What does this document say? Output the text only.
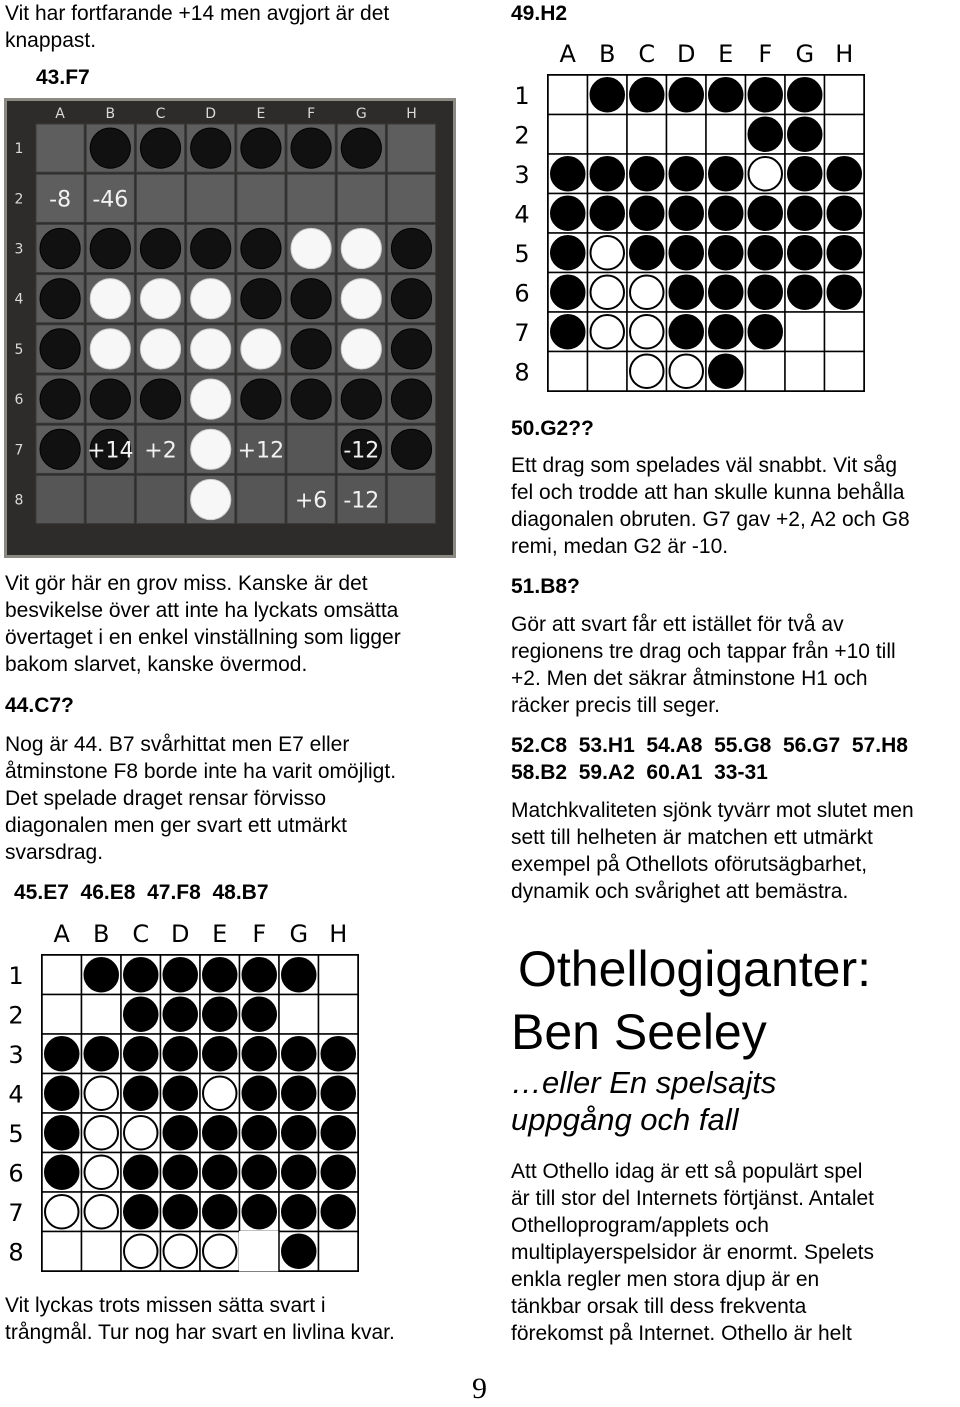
Vit har fortfarande +14 men avgjort är det
knappast.
43.F7
A	B	C	D	E	F	G	H
1
2
3
4
5
6
7
8
-8 -46
+14 +2	+12	-12
+6 -12
Vit gör här en grov miss. Kanske är det
besvikelse över att inte ha lyckats omsätta
övertaget i en enkel vinställning som ligger
bakom slarvet, kanske övermod.
44.C7?
Nog är 44. B7 svårhittat men E7 eller
åtminstone F8 borde inte ha varit omöjligt.
Det spelade draget rensar förvisso
diagonalen men ger svart ett utmärkt
svarsdrag.
45.E7  46.E8  47.F8  48.B7
A B C D E F G H
1
2
3
4
5
6
7
8
Vit lyckas trots missen sätta svart i
trångmål. Tur nog har svart en livlina kvar.
49.H2
A B C D E F G H
1
2
3
4
5
6
7
8
50.G2??
Ett drag som spelades väl snabbt. Vit såg
fel och trodde att han skulle kunna behålla
diagonalen obruten. G7 gav +2, A2 och G8
remi, medan G2 är -10.
51.B8?
Gör att svart får ett istället för två av
regionens tre drag och tappar från +10 till
+2. Men det säkrar åtminstone H1 och
räcker precis till seger.
52.C8  53.H1  54.A8  55.G8  56.G7  57.H8
58.B2  59.A2  60.A1  33-31
Matchkvaliteten sjönk tyvärr mot slutet men
sett till helheten är matchen ett utmärkt
exempel på Othellots oförutsägbarhet,
dynamik och svårighet att bemästra.
Othellogiganter:
Ben Seeley
…eller En spelsajts
uppgång och fall
Att Othello idag är ett så populärt spel
är till stor del Internets förtjänst. Antalet
Othelloprogram/applets och
multiplayerspelsidor är enormt. Spelets
enkla regler men stora djup är en
tänkbar orsak till dess frekventa
förekomst på Internet. Othello är helt
9
